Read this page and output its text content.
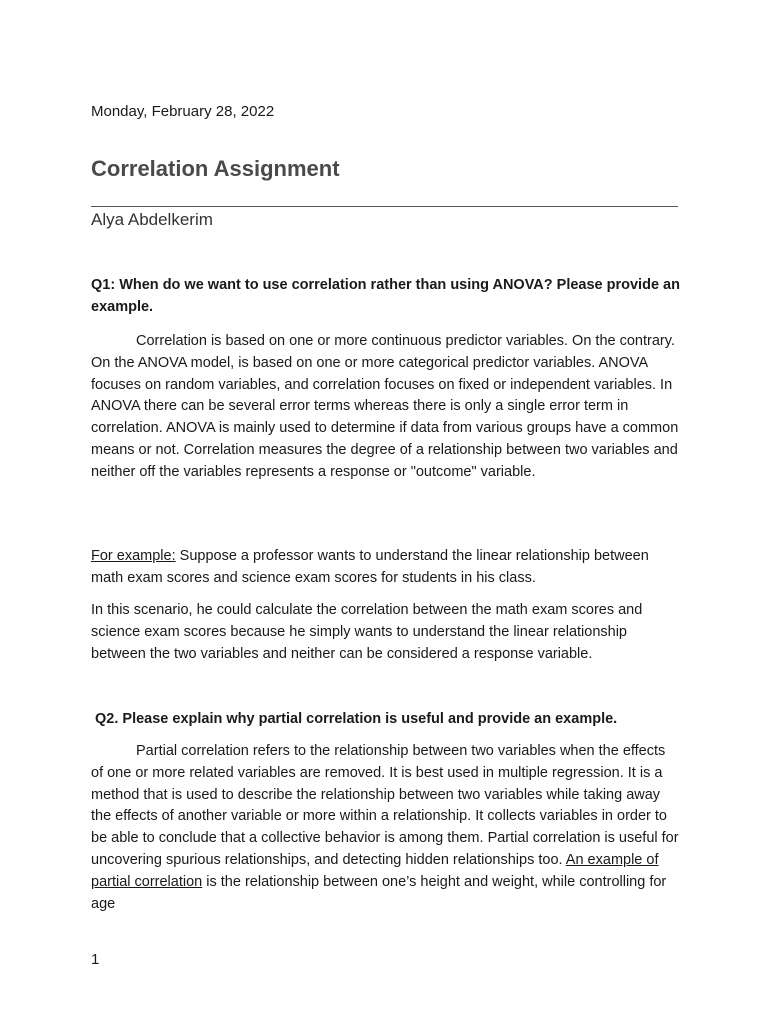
Monday, February 28, 2022
Correlation Assignment
Alya Abdelkerim

Q1: When do we want to use correlation rather than using ANOVA? Please provide an example.

Correlation is based on one or more continuous predictor variables. On the contrary. On the ANOVA model, is based on one or more categorical predictor variables. ANOVA focuses on random variables, and correlation focuses on fixed or independent variables. In ANOVA there can be several error terms whereas there is only a single error term in correlation. ANOVA is mainly used to determine if data from various groups have a common means or not. Correlation measures the degree of a relationship between two variables and neither off the variables represents a response or "outcome" variable.

For example: Suppose a professor wants to understand the linear relationship between math exam scores and science exam scores for students in his class.

In this scenario, he could calculate the correlation between the math exam scores and science exam scores because he simply wants to understand the linear relationship between the two variables and neither can be considered a response variable.

Q2. Please explain why partial correlation is useful and provide an example.

Partial correlation refers to the relationship between two variables when the effects of one or more related variables are removed. It is best used in multiple regression. It is a method that is used to describe the relationship between two variables while taking away the effects of another variable or more within a relationship. It collects variables in order to be able to conclude that a collective behavior is among them. Partial correlation is useful for uncovering spurious relationships, and detecting hidden relationships too. An example of partial correlation is the relationship between one’s height and weight, while controlling for age

1
